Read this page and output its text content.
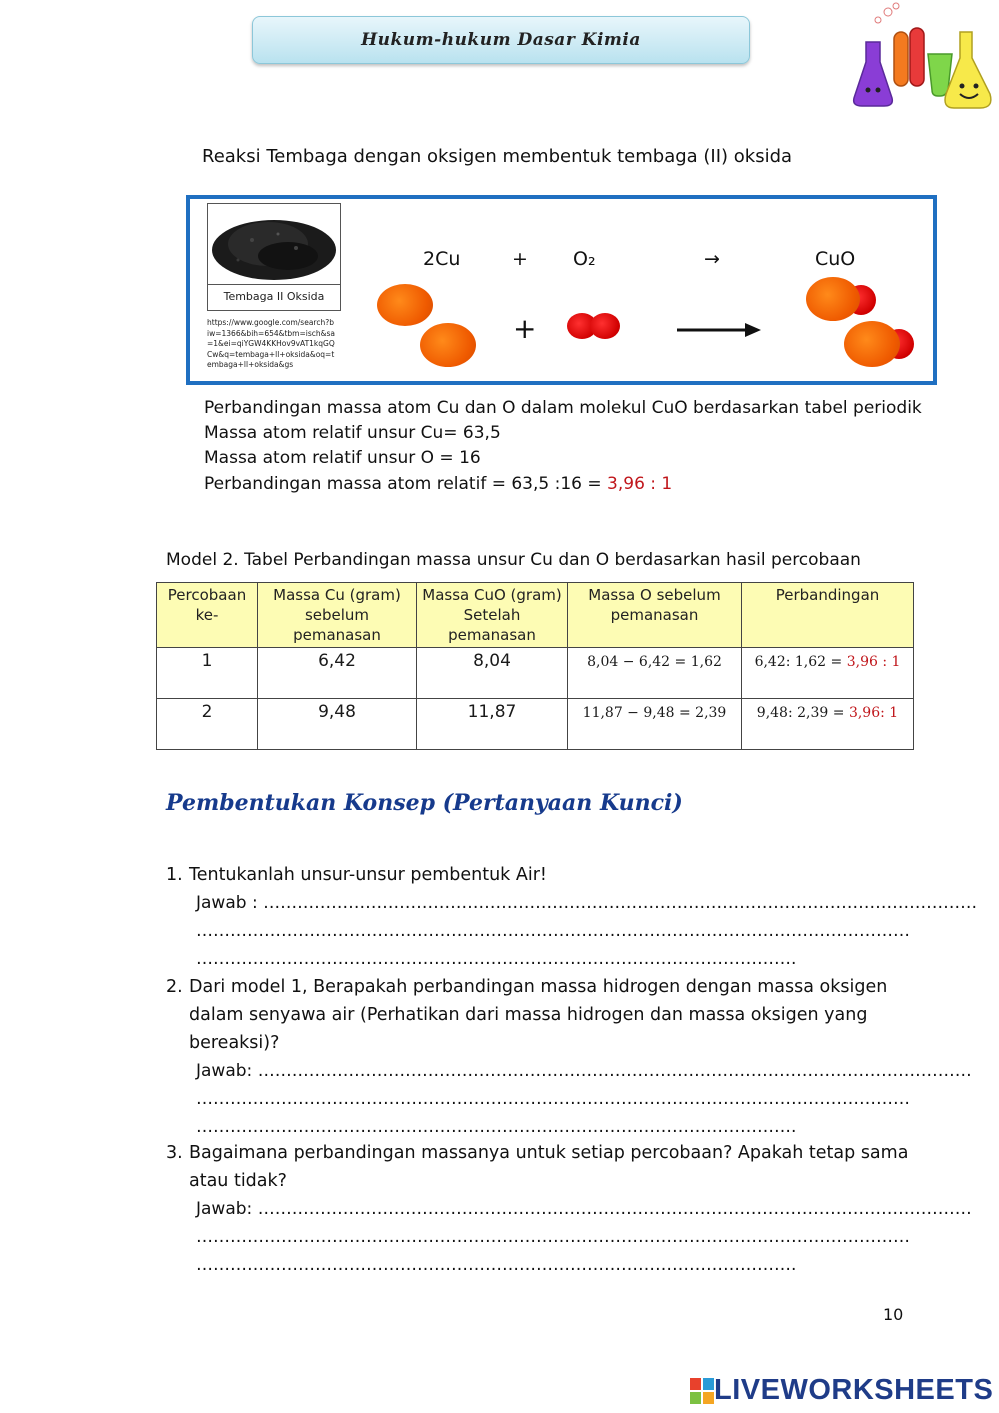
Hukum-hukum Dasar Kimia
Reaksi Tembaga dengan oksigen membentuk tembaga (II) oksida
Tembaga II Oksida
https://www.google.com/search?biw=1366&bih=654&tbm=isch&sa=1&ei=qiYGW4KKHov9vAT1kqGQCw&q=tembaga+ll+oksida&oq=tembaga+ll+oksida&gs
2Cu	+ O₂	→	CuO
+
Perbandingan massa atom Cu dan O dalam molekul CuO berdasarkan tabel periodik
Massa atom relatif unsur Cu= 63,5
Massa atom relatif unsur O = 16
Perbandingan massa atom relatif = 63,5 :16 = 3,96 : 1
Model 2. Tabel Perbandingan massa unsur Cu dan O berdasarkan hasil percobaan
Percobaan ke-	Massa Cu (gram) sebelum pemanasan	Massa CuO (gram) Setelah pemanasan	Massa O sebelum pemanasan	Perbandingan
1	6,42	8,04	8,04 − 6,42 = 1,62	6,42: 1,62 = 3,96 : 1
2	9,48	11,87	11,87 − 9,48 = 2,39	9,48: 2,39 = 3,96: 1
Pembentukan Konsep (Pertanyaan Kunci)
1. Tentukanlah unsur-unsur pembentuk Air!
Jawab : ………………………………………………………………………………………………………………
………………………………………………………………………………………………………………
…………………………………………………………………………………………….
2. Dari model 1, Berapakah perbandingan massa hidrogen dengan massa oksigen
dalam senyawa air (Perhatikan dari massa hidrogen dan massa oksigen yang
bereaksi)?
Jawab: ………………………………………………………………………………………………………………
………………………………………………………………………………………………………………
…………………………………………………………………………………………….
3. Bagaimana perbandingan massanya untuk setiap percobaan? Apakah tetap sama
atau tidak?
Jawab: ………………………………………………………………………………………………………………
………………………………………………………………………………………………………………
…………………………………………………………………………………………….
10
LIVEWORKSHEETS
